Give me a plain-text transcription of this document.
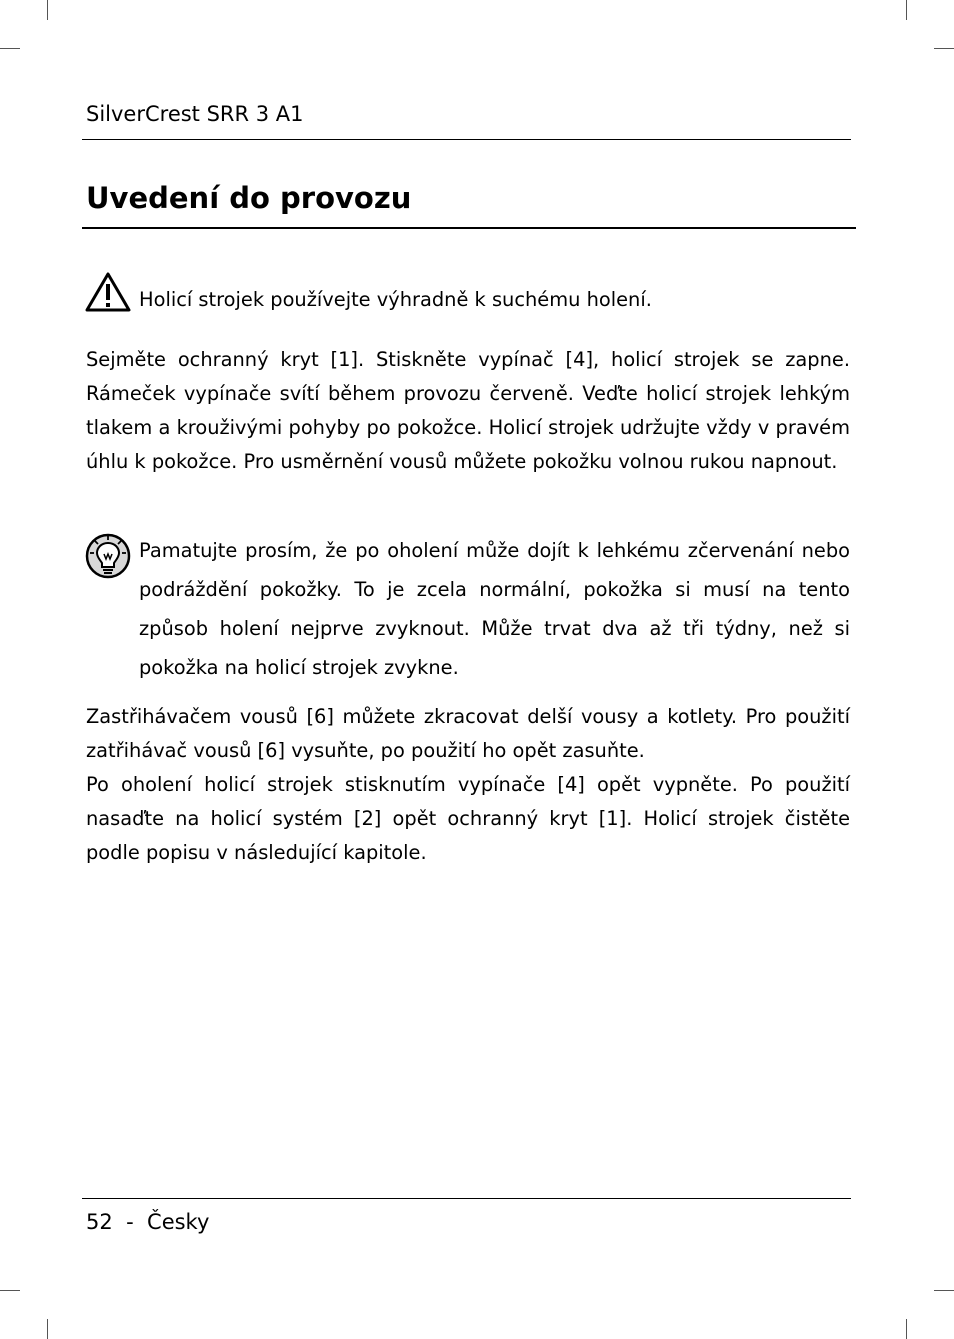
SilverCrest SRR 3 A1
Uvedení do provozu
Holicí strojek používejte výhradně k suchému holení.

Sejměte ochranný kryt [1]. Stiskněte vypínač [4], holicí strojek se zapne. Rámeček vypínače svítí během provozu červeně. Veďte holicí strojek lehkým tlakem a krouživými pohyby po pokožce. Holicí strojek udržujte vždy v pravém úhlu k pokožce. Pro usměrnění vousů můžete pokožku volnou rukou napnout.

Pamatujte prosím, že po oholení může dojít k lehkému zčervenání nebo podráždění pokožky. To je zcela normální, pokožka si musí na tento způsob holení nejprve zvyknout. Může trvat dva až tři týdny, než si pokožka na holicí strojek zvykne.

Zastřihávačem vousů [6] můžete zkracovat delší vousy a kotlety. Pro použití zatřihávač vousů [6] vysuňte, po použití ho opět zasuňte.

Po oholení holicí strojek stisknutím vypínače [4] opět vypněte. Po použití nasaďte na holicí systém [2] opět ochranný kryt [1]. Holicí strojek čistěte podle popisu v následující kapitole.

52 - Česky
